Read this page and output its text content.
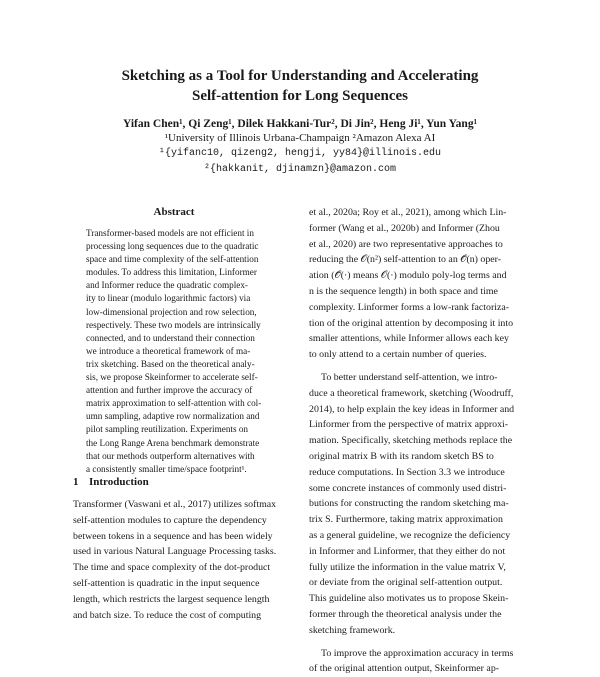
Sketching as a Tool for Understanding and Accelerating
Self-attention for Long Sequences
Yifan Chen¹, Qi Zeng¹, Dilek Hakkani-Tur², Di Jin², Heng Ji¹, Yun Yang¹
¹University of Illinois Urbana-Champaign ²Amazon Alexa AI
¹{yifanc10, qizeng2, hengji, yy84}@illinois.edu
²{hakkanit, djinamzn}@amazon.com
Abstract
Transformer-based models are not efficient in
processing long sequences due to the quadratic
space and time complexity of the self-attention
modules. To address this limitation, Linformer
and Informer reduce the quadratic complex-
ity to linear (modulo logarithmic factors) via
low-dimensional projection and row selection,
respectively. These two models are intrinsically
connected, and to understand their connection
we introduce a theoretical framework of ma-
trix sketching. Based on the theoretical analy-
sis, we propose Skeinformer to accelerate self-
attention and further improve the accuracy of
matrix approximation to self-attention with col-
umn sampling, adaptive row normalization and
pilot sampling reutilization. Experiments on
the Long Range Arena benchmark demonstrate
that our methods outperform alternatives with
a consistently smaller time/space footprint¹.
1 Introduction
Transformer (Vaswani et al., 2017) utilizes softmax
self-attention modules to capture the dependency
between tokens in a sequence and has been widely
used in various Natural Language Processing tasks.
The time and space complexity of the dot-product
self-attention is quadratic in the input sequence
length, which restricts the largest sequence length
and batch size. To reduce the cost of computing
et al., 2020a; Roy et al., 2021), among which Lin-
former (Wang et al., 2020b) and Informer (Zhou
et al., 2020) are two representative approaches to
reducing the 𝒪(n²) self-attention to an 𝒪̃(n) oper-
ation (𝒪̃(·) means 𝒪(·) modulo poly-log terms and
n is the sequence length) in both space and time
complexity. Linformer forms a low-rank factoriza-
tion of the original attention by decomposing it into
smaller attentions, while Informer allows each key
to only attend to a certain number of queries.
To better understand self-attention, we intro-
duce a theoretical framework, sketching (Woodruff,
2014), to help explain the key ideas in Informer and
Linformer from the perspective of matrix approxi-
mation. Specifically, sketching methods replace the
original matrix B with its random sketch BS to
reduce computations. In Section 3.3 we introduce
some concrete instances of commonly used distri-
butions for constructing the random sketching ma-
trix S. Furthermore, taking matrix approximation
as a general guideline, we recognize the deficiency
in Informer and Linformer, that they either do not
fully utilize the information in the value matrix V,
or deviate from the original self-attention output.
This guideline also motivates us to propose Skein-
former through the theoretical analysis under the
sketching framework.
To improve the approximation accuracy in terms
of the original attention output, Skeinformer ap-
